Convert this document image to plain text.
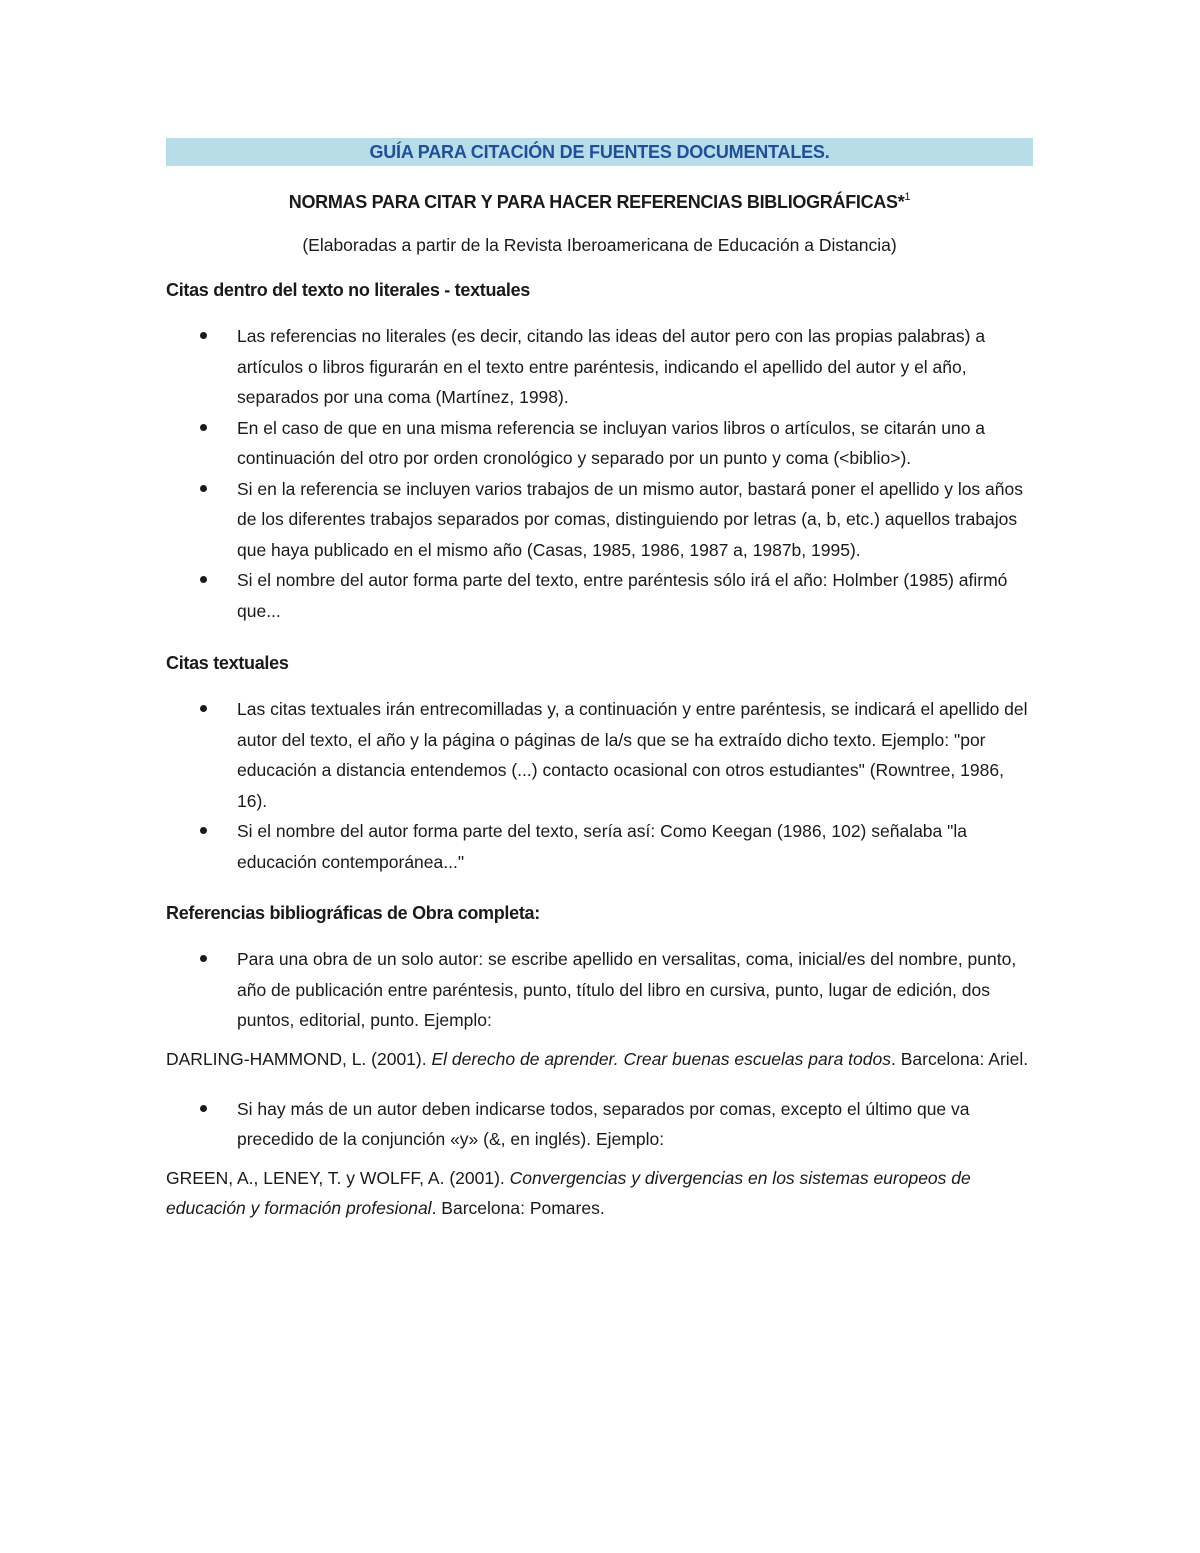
GUÍA PARA CITACIÓN DE FUENTES DOCUMENTALES.
NORMAS PARA CITAR Y PARA HACER REFERENCIAS BIBLIOGRÁFICAS*$^1$
(Elaboradas a partir de la Revista Iberoamericana de Educación a Distancia)
Citas dentro del texto no literales - textuales
Las referencias no literales (es decir, citando las ideas del autor pero con las propias palabras) a artículos o libros figurarán en el texto entre paréntesis, indicando el apellido del autor y el año, separados por una coma (Martínez, 1998).
En el caso de que en una misma referencia se incluyan varios libros o artículos, se citarán uno a continuación del otro por orden cronológico y separado por un punto y coma (<biblio>).
Si en la referencia se incluyen varios trabajos de un mismo autor, bastará poner el apellido y los años de los diferentes trabajos separados por comas, distinguiendo por letras (a, b, etc.) aquellos trabajos que haya publicado en el mismo año (Casas, 1985, 1986, 1987 a, 1987b, 1995).
Si el nombre del autor forma parte del texto, entre paréntesis sólo irá el año: Holmber (1985) afirmó que...
Citas textuales
Las citas textuales irán entrecomilladas y, a continuación y entre paréntesis, se indicará el apellido del autor del texto, el año y la página o páginas de la/s que se ha extraído dicho texto. Ejemplo: "por educación a distancia entendemos (...) contacto ocasional con otros estudiantes" (Rowntree, 1986, 16).
Si el nombre del autor forma parte del texto, sería así: Como Keegan (1986, 102) señalaba "la educación contemporánea..."
Referencias bibliográficas de Obra completa:
Para una obra de un solo autor: se escribe apellido en versalitas, coma, inicial/es del nombre, punto, año de publicación entre paréntesis, punto, título del libro en cursiva, punto, lugar de edición, dos puntos, editorial, punto. Ejemplo:
DARLING-HAMMOND, L. (2001). El derecho de aprender. Crear buenas escuelas para todos. Barcelona: Ariel.
Si hay más de un autor deben indicarse todos, separados por comas, excepto el último que va precedido de la conjunción «y» (&, en inglés). Ejemplo:
GREEN, A., LENEY, T. y WOLFF, A. (2001). Convergencias y divergencias en los sistemas europeos de educación y formación profesional. Barcelona: Pomares.
